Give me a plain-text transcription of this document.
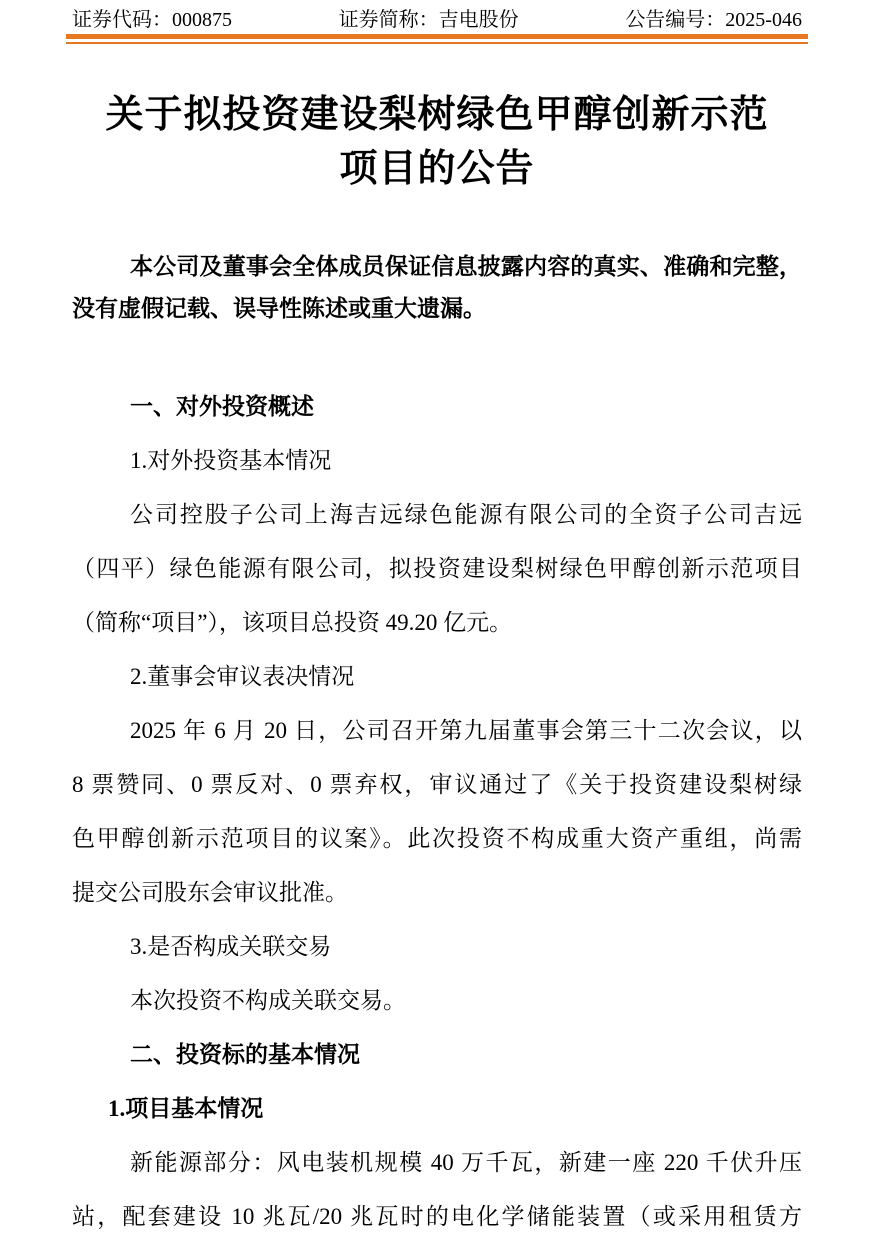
证券代码：000875	证券简称：吉电股份	公告编号：2025-046
关于拟投资建设梨树绿色甲醇创新示范
项目的公告
本公司及董事会全体成员保证信息披露内容的真实、准确和完整，
没有虚假记载、误导性陈述或重大遗漏。
一、对外投资概述
1.对外投资基本情况
公司控股子公司上海吉远绿色能源有限公司的全资子公司吉远
（四平）绿色能源有限公司，拟投资建设梨树绿色甲醇创新示范项目
（简称“项目”），该项目总投资 49.20 亿元。
2.董事会审议表决情况
2025 年 6 月 20 日，公司召开第九届董事会第三十二次会议，以
8 票赞同、0 票反对、0 票弃权，审议通过了《关于投资建设梨树绿
色甲醇创新示范项目的议案》。此次投资不构成重大资产重组，尚需
提交公司股东会审议批准。
3.是否构成关联交易
本次投资不构成关联交易。
二、投资标的基本情况
1.项目基本情况
新能源部分：风电装机规模 40 万千瓦，新建一座 220 千伏升压
站，配套建设 10 兆瓦/20 兆瓦时的电化学储能装置（或采用租赁方
